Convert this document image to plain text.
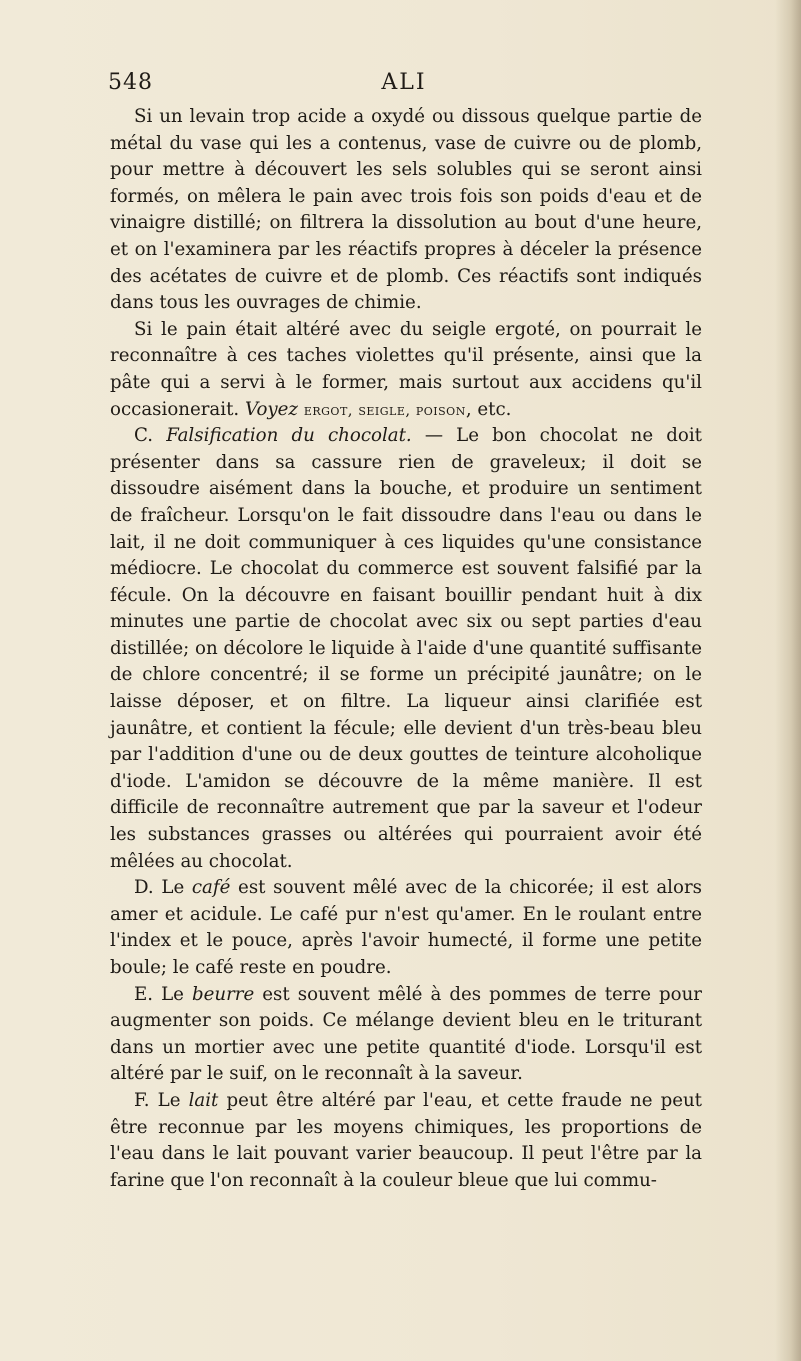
548	ALI

Si un levain trop acide a oxydé ou dissous quelque partie de métal du vase qui les a contenus, vase de cuivre ou de plomb, pour mettre à découvert les sels solubles qui se seront ainsi formés, on mêlera le pain avec trois fois son poids d'eau et de vinaigre distillé; on filtrera la dissolution au bout d'une heure, et on l'examinera par les réactifs propres à déceler la présence des acétates de cuivre et de plomb. Ces réactifs sont indiqués dans tous les ouvrages de chimie.

Si le pain était altéré avec du seigle ergoté, on pourrait le reconnaître à ces taches violettes qu'il présente, ainsi que la pâte qui a servi à le former, mais surtout aux accidens qu'il occasionerait. Voyez ergot, seigle, poison, etc.

C. Falsification du chocolat. — Le bon chocolat ne doit présenter dans sa cassure rien de graveleux; il doit se dissoudre aisément dans la bouche, et produire un sentiment de fraîcheur. Lorsqu'on le fait dissoudre dans l'eau ou dans le lait, il ne doit communiquer à ces liquides qu'une consistance médiocre. Le chocolat du commerce est souvent falsifié par la fécule. On la découvre en faisant bouillir pendant huit à dix minutes une partie de chocolat avec six ou sept parties d'eau distillée; on décolore le liquide à l'aide d'une quantité suffisante de chlore concentré; il se forme un précipité jaunâtre; on le laisse déposer, et on filtre. La liqueur ainsi clarifiée est jaunâtre, et contient la fécule; elle devient d'un très-beau bleu par l'addition d'une ou de deux gouttes de teinture alcoholique d'iode. L'amidon se découvre de la même manière. Il est difficile de reconnaître autrement que par la saveur et l'odeur les substances grasses ou altérées qui pourraient avoir été mêlées au chocolat.

D. Le café est souvent mêlé avec de la chicorée; il est alors amer et acidule. Le café pur n'est qu'amer. En le roulant entre l'index et le pouce, après l'avoir humecté, il forme une petite boule; le café reste en poudre.

E. Le beurre est souvent mêlé à des pommes de terre pour augmenter son poids. Ce mélange devient bleu en le triturant dans un mortier avec une petite quantité d'iode. Lorsqu'il est altéré par le suif, on le reconnaît à la saveur.

F. Le lait peut être altéré par l'eau, et cette fraude ne peut être reconnue par les moyens chimiques, les proportions de l'eau dans le lait pouvant varier beaucoup. Il peut l'être par la farine que l'on reconnaît à la couleur bleue que lui commu-
